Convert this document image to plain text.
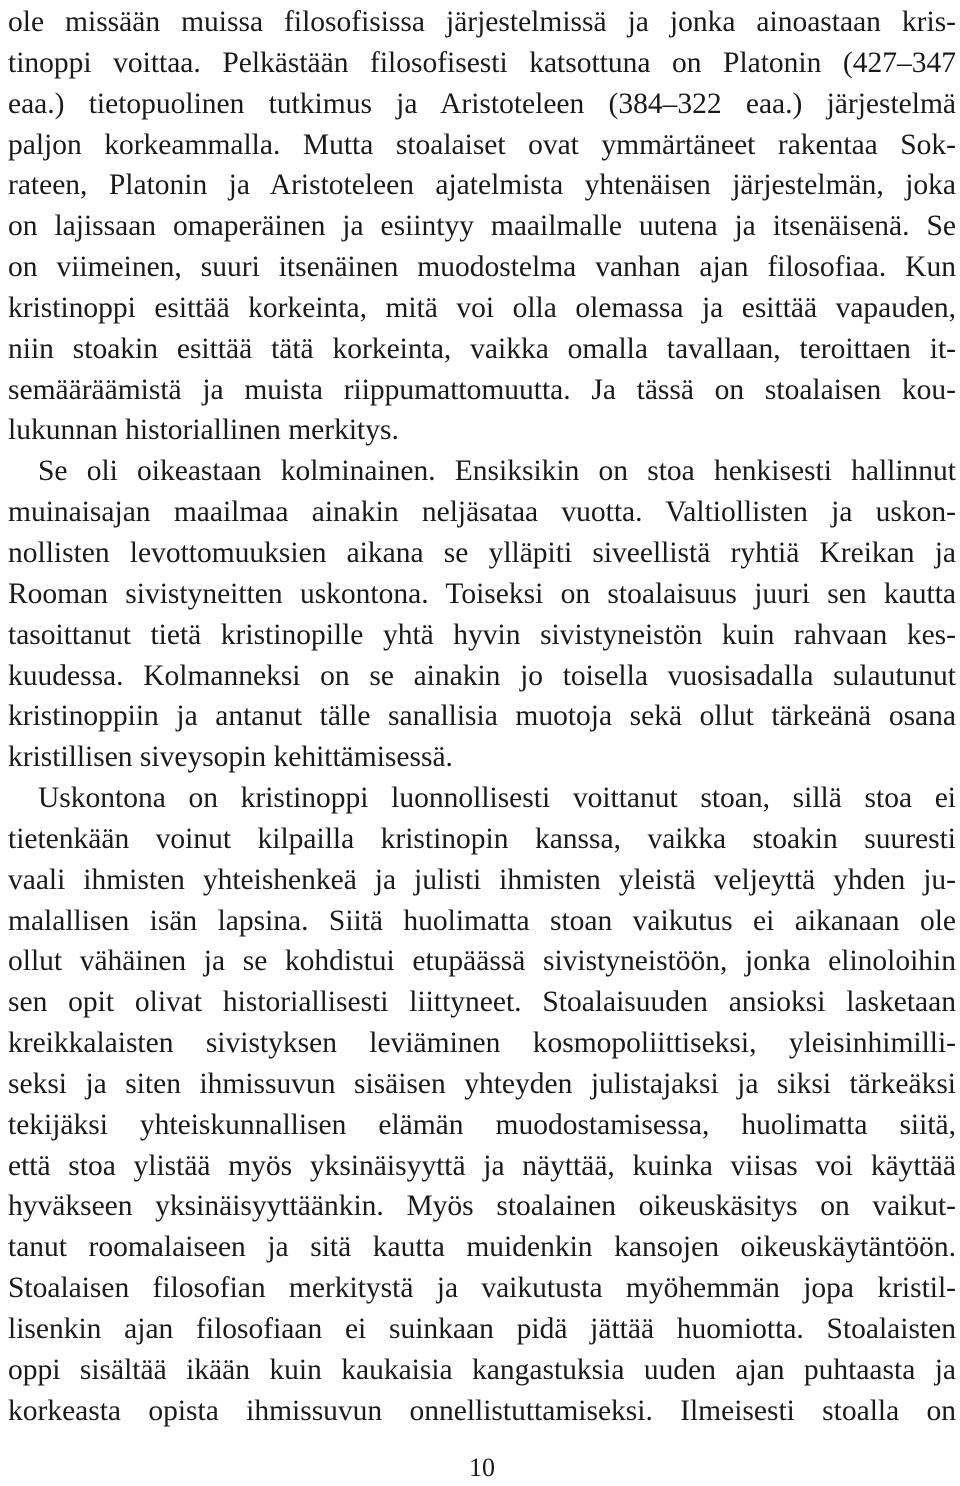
ole missään muissa filosofisissa järjestelmissä ja jonka ainoastaan kris-
tinoppi voittaa. Pelkästään filosofisesti katsottuna on Platonin (427–347
eaa.) tietopuolinen tutkimus ja Aristoteleen (384–322 eaa.) järjestelmä
paljon korkeammalla. Mutta stoalaiset ovat ymmärtäneet rakentaa Sok-
rateen, Platonin ja Aristoteleen ajatelmista yhtenäisen järjestelmän, joka
on lajissaan omaperäinen ja esiintyy maailmalle uutena ja itsenäisenä. Se
on viimeinen, suuri itsenäinen muodostelma vanhan ajan filosofiaa. Kun
kristinoppi esittää korkeinta, mitä voi olla olemassa ja esittää vapauden,
niin stoakin esittää tätä korkeinta, vaikka omalla tavallaan, teroittaen it-
semääräämistä ja muista riippumattomuutta. Ja tässä on stoalaisen kou-
lukunnan historiallinen merkitys.
Se oli oikeastaan kolminainen. Ensiksikin on stoa henkisesti hallinnut
muinaisajan maailmaa ainakin neljäsataa vuotta. Valtiollisten ja uskon-
nollisten levottomuuksien aikana se ylläpiti siveellistä ryhtiä Kreikan ja
Rooman sivistyneitten uskontona. Toiseksi on stoalaisuus juuri sen kautta
tasoittanut tietä kristinopille yhtä hyvin sivistyneistön kuin rahvaan kes-
kuudessa. Kolmanneksi on se ainakin jo toisella vuosisadalla sulautunut
kristinoppiin ja antanut tälle sanallisia muotoja sekä ollut tärkeänä osana
kristillisen siveysopin kehittämisessä.
Uskontona on kristinoppi luonnollisesti voittanut stoan, sillä stoa ei
tietenkään voinut kilpailla kristinopin kanssa, vaikka stoakin suuresti
vaali ihmisten yhteishenkeä ja julisti ihmisten yleistä veljeyttä yhden ju-
malallisen isän lapsina. Siitä huolimatta stoan vaikutus ei aikanaan ole
ollut vähäinen ja se kohdistui etupäässä sivistyneistöön, jonka elinoloihin
sen opit olivat historiallisesti liittyneet. Stoalaisuuden ansioksi lasketaan
kreikkalaisten sivistyksen leviäminen kosmopoliittiseksi, yleisinhimilli-
seksi ja siten ihmissuvun sisäisen yhteyden julistajaksi ja siksi tärkeäksi
tekijäksi yhteiskunnallisen elämän muodostamisessa, huolimatta siitä,
että stoa ylistää myös yksinäisyyttä ja näyttää, kuinka viisas voi käyttää
hyväkseen yksinäisyyttäänkin. Myös stoalainen oikeuskäsitys on vaikut-
tanut roomalaiseen ja sitä kautta muidenkin kansojen oikeuskäytäntöön.
Stoalaisen filosofian merkitystä ja vaikutusta myöhemmän jopa kristil-
lisenkin ajan filosofiaan ei suinkaan pidä jättää huomiotta. Stoalaisten
oppi sisältää ikään kuin kaukaisia kangastuksia uuden ajan puhtaasta ja
korkeasta opista ihmissuvun onnellistuttamiseksi. Ilmeisesti stoalla on
10
